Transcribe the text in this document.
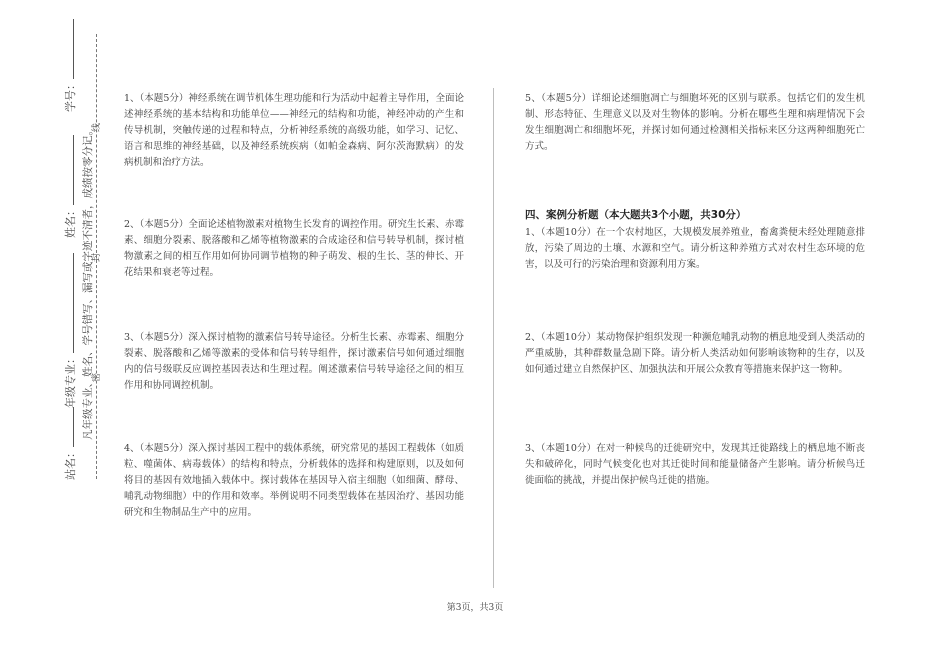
学号：
姓名：
年级专业：
站名：
凡年级专业、姓名、学号错写、漏写或字迹不清者，成绩按零分记。
密
封
线
1、（本题5分）神经系统在调节机体生理功能和行为活动中起着主导作用，全面论述神经系统的基本结构和功能单位——神经元的结构和功能，神经冲动的产生和传导机制，突触传递的过程和特点，分析神经系统的高级功能，如学习、记忆、语言和思维的神经基础，以及神经系统疾病（如帕金森病、阿尔茨海默病）的发病机制和治疗方法。
2、（本题5分）全面论述植物激素对植物生长发育的调控作用。研究生长素、赤霉素、细胞分裂素、脱落酸和乙烯等植物激素的合成途径和信号转导机制，探讨植物激素之间的相互作用如何协同调节植物的种子萌发、根的生长、茎的伸长、开花结果和衰老等过程。
3、（本题5分）深入探讨植物的激素信号转导途径。分析生长素、赤霉素、细胞分裂素、脱落酸和乙烯等激素的受体和信号转导组件，探讨激素信号如何通过细胞内的信号级联反应调控基因表达和生理过程。阐述激素信号转导途径之间的相互作用和协同调控机制。
4、（本题5分）深入探讨基因工程中的载体系统，研究常见的基因工程载体（如质粒、噬菌体、病毒载体）的结构和特点，分析载体的选择和构建原则，以及如何将目的基因有效地插入载体中。探讨载体在基因导入宿主细胞（如细菌、酵母、哺乳动物细胞）中的作用和效率。举例说明不同类型载体在基因治疗、基因功能研究和生物制品生产中的应用。
5、（本题5分）详细论述细胞凋亡与细胞坏死的区别与联系。包括它们的发生机制、形态特征、生理意义以及对生物体的影响。分析在哪些生理和病理情况下会发生细胞凋亡和细胞坏死，并探讨如何通过检测相关指标来区分这两种细胞死亡方式。
四、案例分析题（本大题共3个小题，共30分）
1、（本题10分）在一个农村地区，大规模发展养殖业，畜禽粪便未经处理随意排放，污染了周边的土壤、水源和空气。请分析这种养殖方式对农村生态环境的危害，以及可行的污染治理和资源利用方案。
2、（本题10分）某动物保护组织发现一种濒危哺乳动物的栖息地受到人类活动的严重威胁，其种群数量急剧下降。请分析人类活动如何影响该物种的生存，以及如何通过建立自然保护区、加强执法和开展公众教育等措施来保护这一物种。
3、（本题10分）在对一种候鸟的迁徙研究中，发现其迁徙路线上的栖息地不断丧失和破碎化，同时气候变化也对其迁徙时间和能量储备产生影响。请分析候鸟迁徙面临的挑战，并提出保护候鸟迁徙的措施。
第3页，共3页
